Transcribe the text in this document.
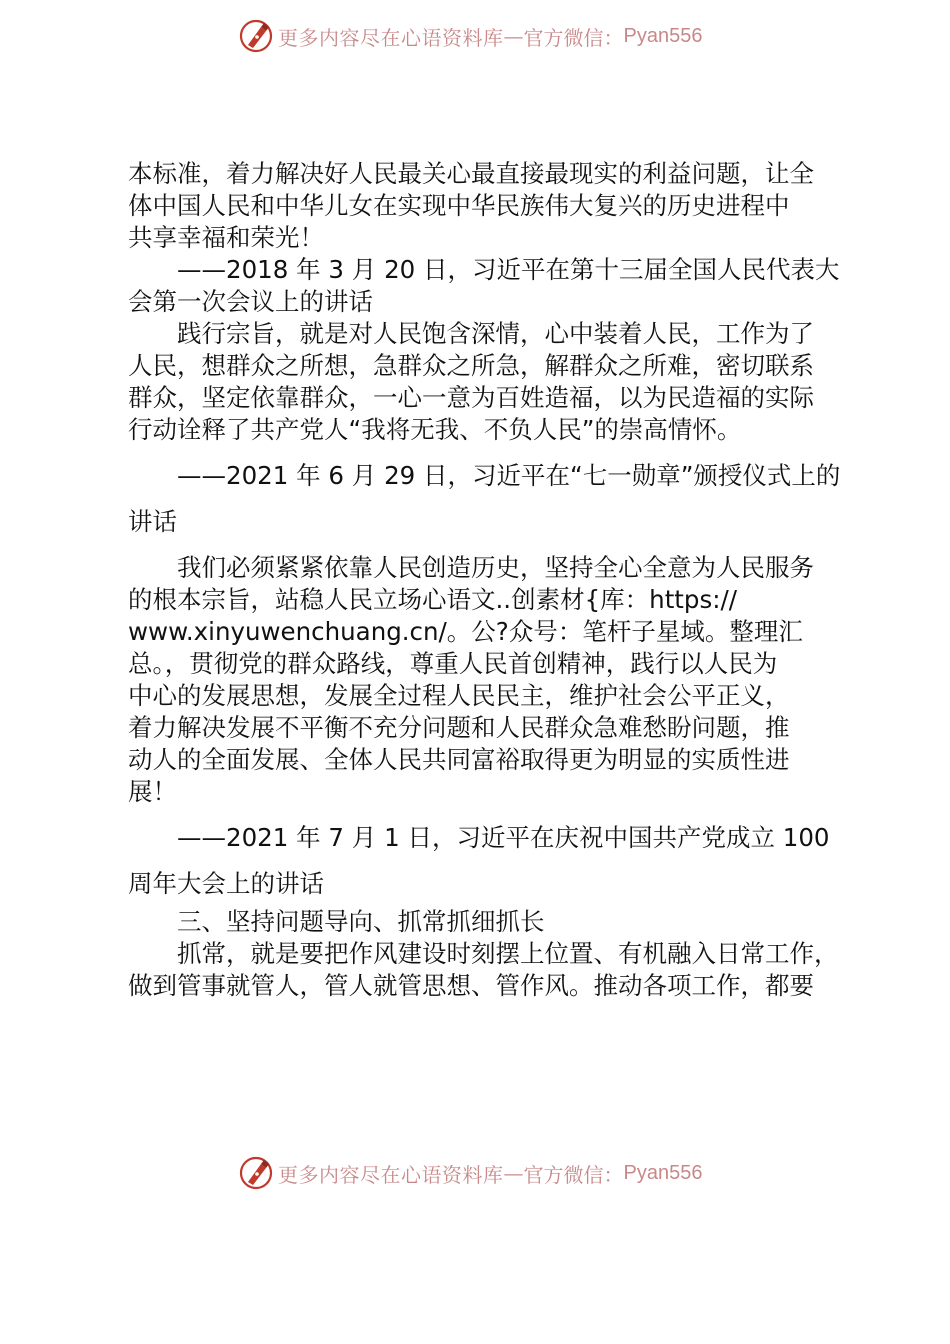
更多内容尽在心语资料库 — 官方微信： Pyan556
本标准，着力解决好人民最关心最直接最现实的利益问题，让全
体中国人民和中华儿女在实现中华民族伟大复兴的历史进程中
共享幸福和荣光！
——2018 年 3 月 20 日，习近平在第十三届全国人民代表大
会第一次会议上的讲话
践行宗旨，就是对人民饱含深情，心中装着人民，工作为了
人民，想群众之所想，急群众之所急，解群众之所难，密切联系
群众，坚定依靠群众，一心一意为百姓造福，以为民造福的实际
行动诠释了共产党人“我将无我、不负人民”的崇高情怀。
——2021 年 6 月 29 日，习近平在“七一勋章”颁授仪式上的
讲话
我们必须紧紧依靠人民创造历史，坚持全心全意为人民服务
的根本宗旨，站稳人民立场心语文..创素材{库：https://
www.xinyuwenchuang.cn/。公?众号：笔杆子星域。整理汇
总。，贯彻党的群众路线，尊重人民首创精神，践行以人民为
中心的发展思想，发展全过程人民民主，维护社会公平正义，
着力解决发展不平衡不充分问题和人民群众急难愁盼问题，推
动人的全面发展、全体人民共同富裕取得更为明显的实质性进
展！
——2021 年 7 月 1 日，习近平在庆祝中国共产党成立 100
周年大会上的讲话
三、坚持问题导向、抓常抓细抓长
抓常，就是要把作风建设时刻摆上位置、有机融入日常工作，
做到管事就管人，管人就管思想、管作风。推动各项工作，都要
更多内容尽在心语资料库 — 官方微信： Pyan556
